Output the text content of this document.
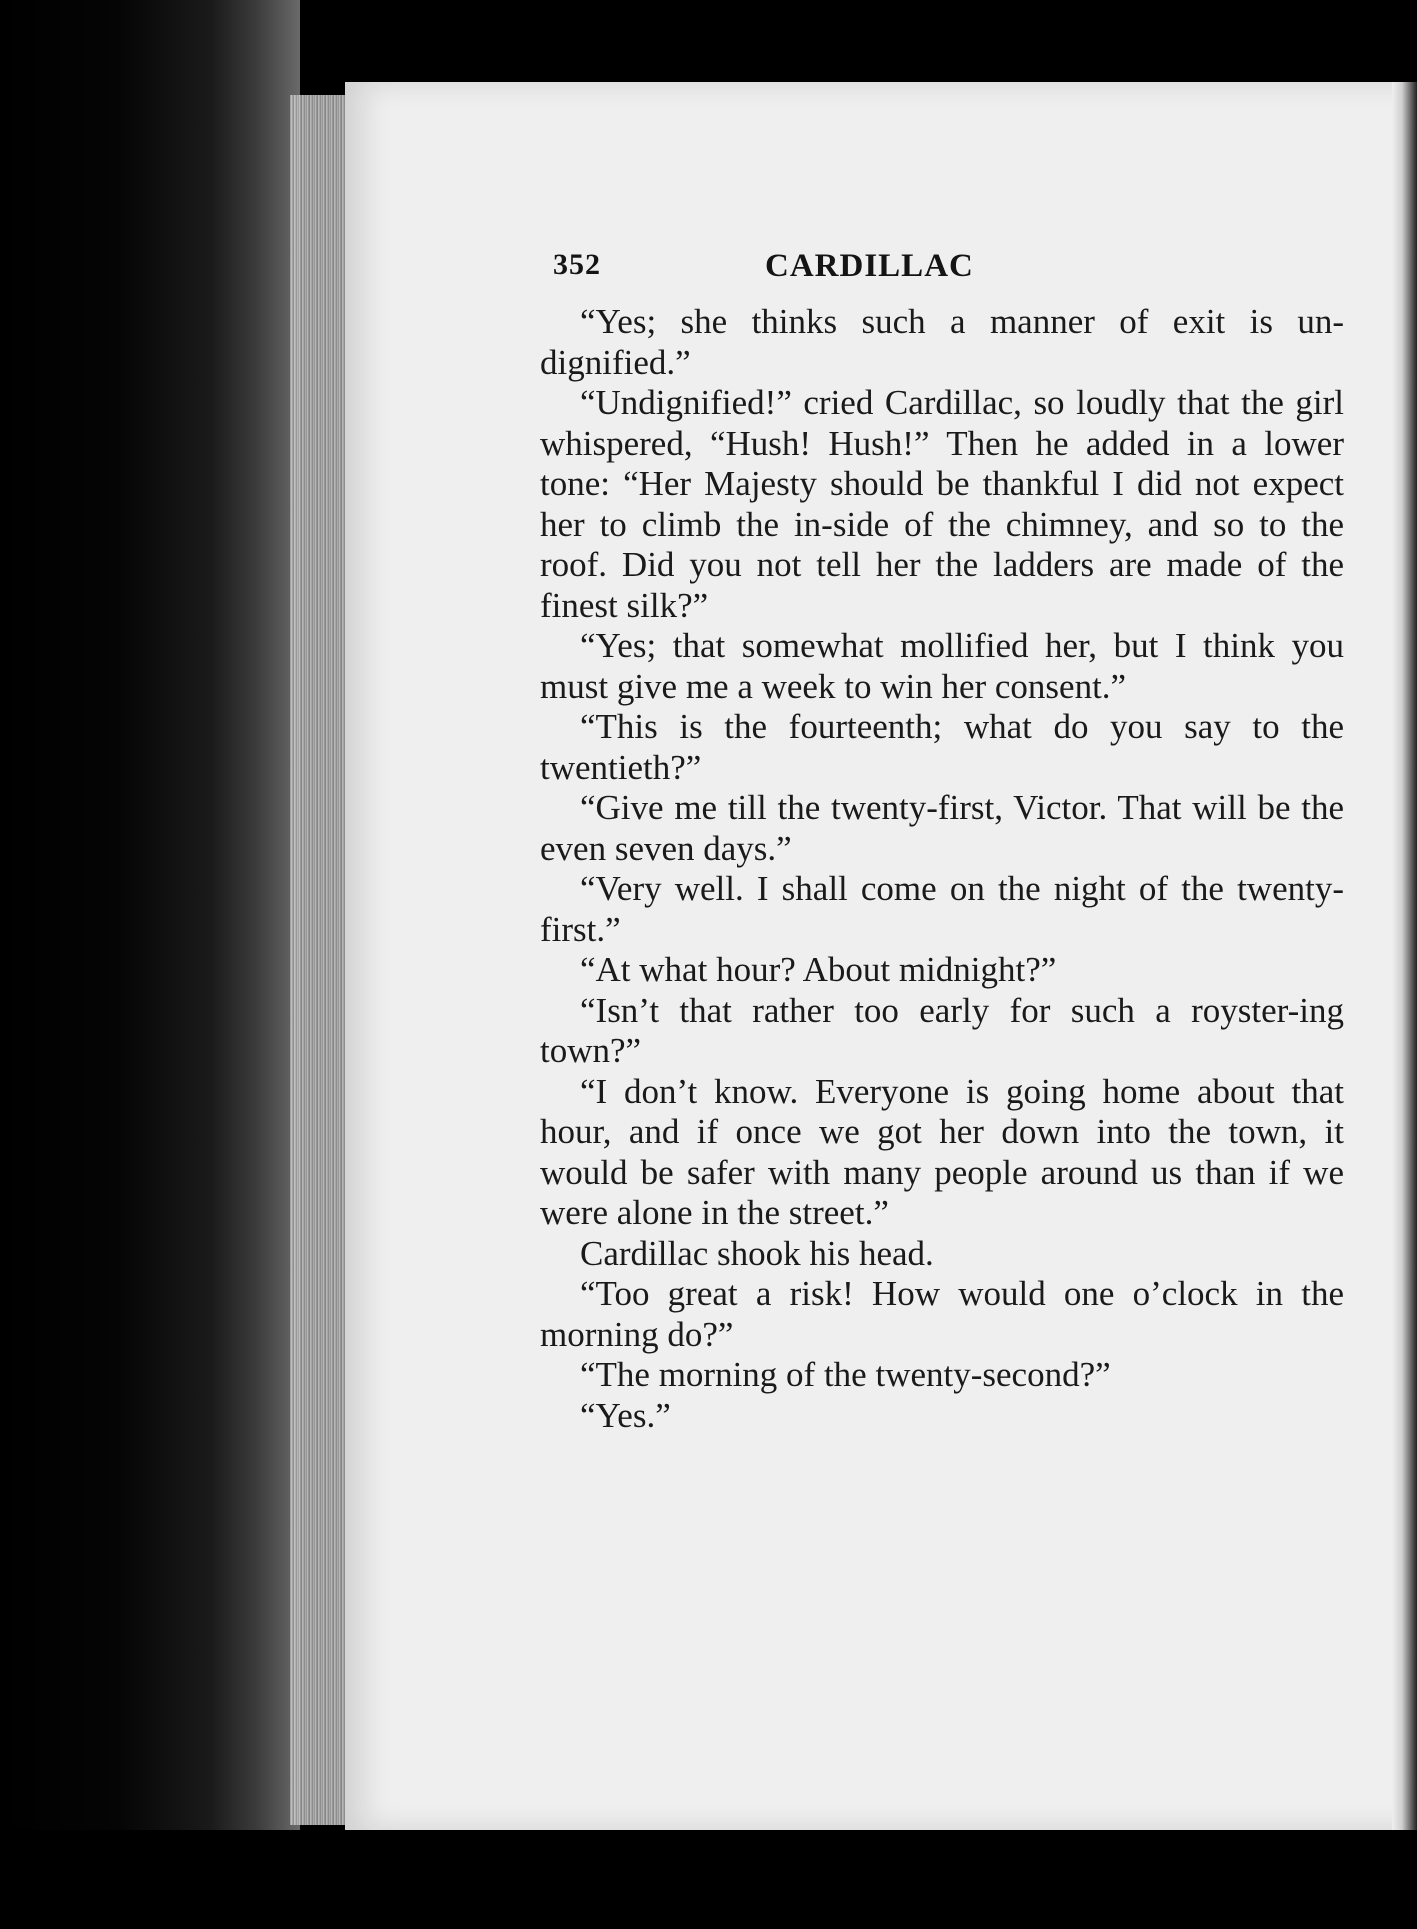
352	CARDILLAC

“Yes; she thinks such a manner of exit is un-dignified.”

“Undignified!” cried Cardillac, so loudly that the girl whispered, “Hush! Hush!” Then he added in a lower tone: “Her Majesty should be thankful I did not expect her to climb the in-side of the chimney, and so to the roof. Did you not tell her the ladders are made of the finest silk?”

“Yes; that somewhat mollified her, but I think you must give me a week to win her consent.”

“This is the fourteenth; what do you say to the twentieth?”

“Give me till the twenty-first, Victor. That will be the even seven days.”

“Very well. I shall come on the night of the twenty-first.”

“At what hour? About midnight?”

“Isn’t that rather too early for such a royster-ing town?”

“I don’t know. Everyone is going home about that hour, and if once we got her down into the town, it would be safer with many people around us than if we were alone in the street.”

Cardillac shook his head.

“Too great a risk! How would one o’clock in the morning do?”

“The morning of the twenty-second?”

“Yes.”
